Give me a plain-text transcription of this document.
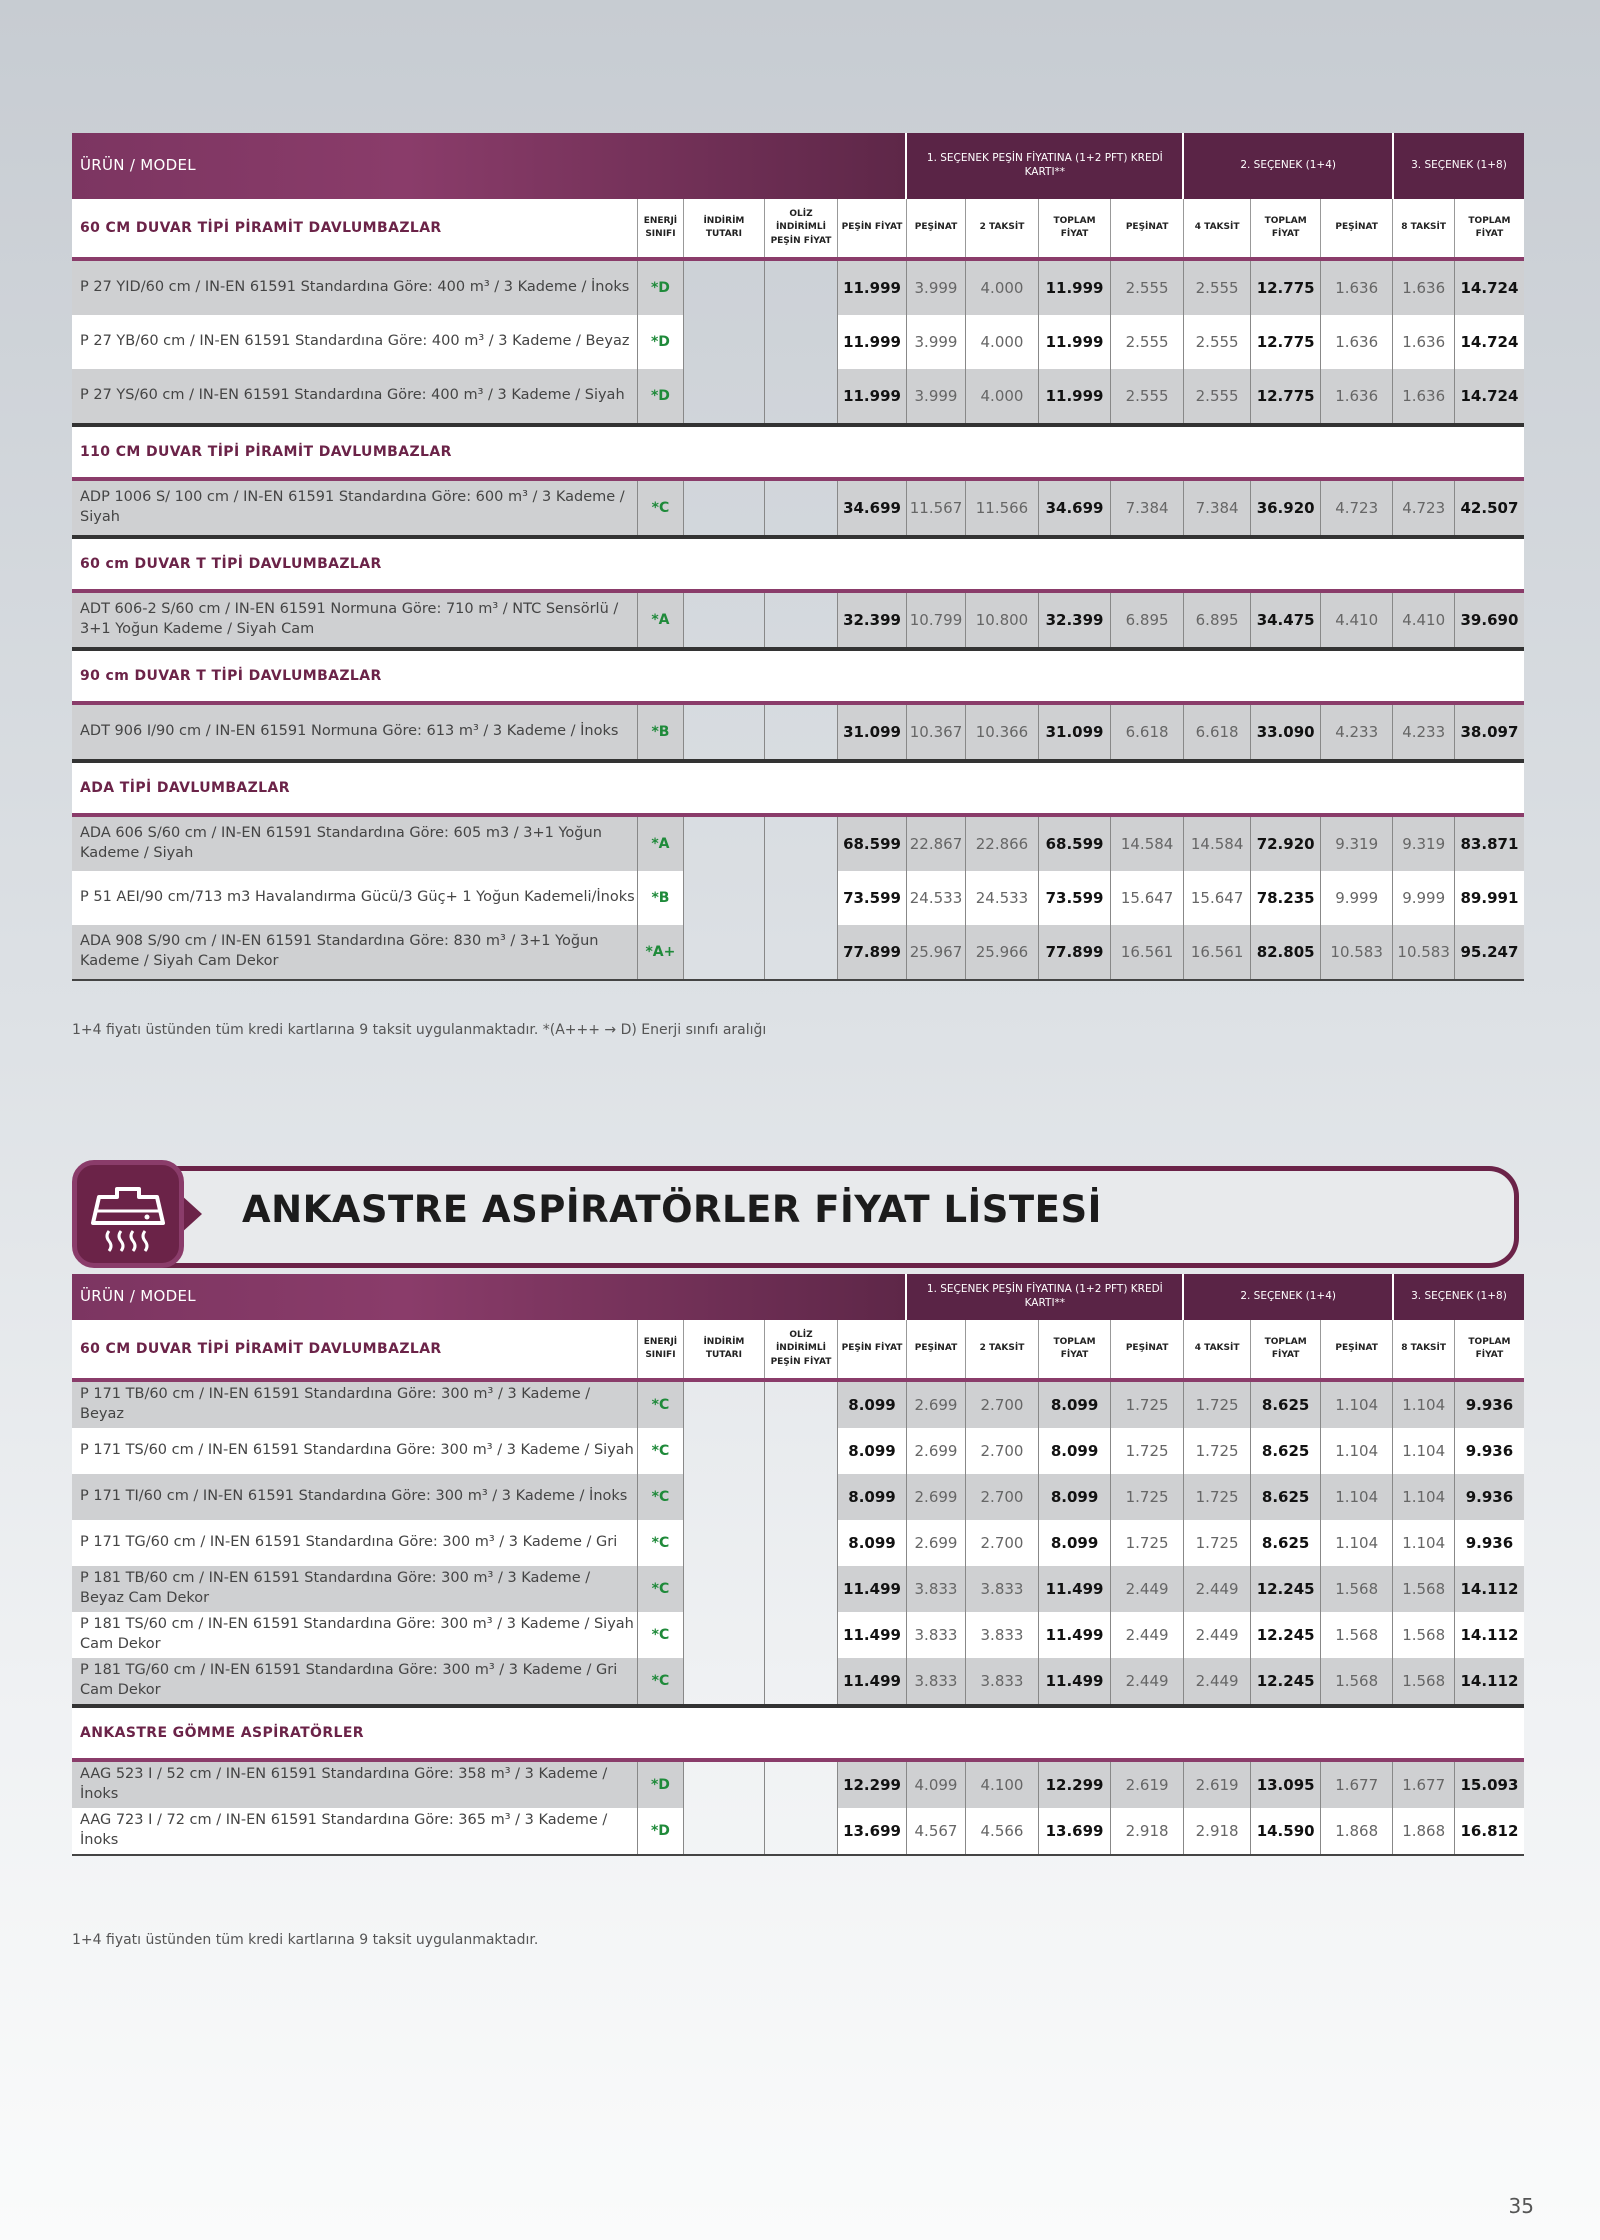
ÜRÜN / MODEL					1. SEÇENEK PEŞİN FİYATINA (1+2 PFT) KREDİ KARTI**				2. SEÇENEK (1+4)			3. SEÇENEK (1+8)	
60 CM DUVAR TİPİ PİRAMİT DAVLUMBAZLAR	ENERJİ SINIFI	İNDİRİM TUTARI	OLİZ İNDİRİMLİ PEŞİN FİYAT	PEŞİN FİYAT	PEŞİNAT	2 TAKSİT	TOPLAM FİYAT	PEŞİNAT	4 TAKSİT	TOPLAM FİYAT	PEŞİNAT	8 TAKSİT	TOPLAM FİYAT
P 27 YID/60 cm / IN-EN 61591 Standardına Göre: 400 m³ / 3 Kademe / İnoks	*D			11.999	3.999	4.000	11.999	2.555	2.555	12.775	1.636	1.636	14.724
P 27 YB/60 cm / IN-EN 61591 Standardına Göre: 400 m³ / 3 Kademe / Beyaz	*D			11.999	3.999	4.000	11.999	2.555	2.555	12.775	1.636	1.636	14.724
P 27 YS/60 cm / IN-EN 61591 Standardına Göre: 400 m³ / 3 Kademe / Siyah	*D			11.999	3.999	4.000	11.999	2.555	2.555	12.775	1.636	1.636	14.724
110 CM DUVAR TİPİ PİRAMİT DAVLUMBAZLAR													
ADP 1006 S/ 100 cm / IN-EN 61591 Standardına Göre: 600 m³ / 3 Kademe / Siyah	*C			34.699	11.567	11.566	34.699	7.384	7.384	36.920	4.723	4.723	42.507
60 cm DUVAR T TİPİ DAVLUMBAZLAR													
ADT 606-2 S/60 cm / IN-EN 61591 Normuna Göre: 710 m³ / NTC Sensörlü / 3+1 Yoğun Kademe / Siyah Cam	*A			32.399	10.799	10.800	32.399	6.895	6.895	34.475	4.410	4.410	39.690
90 cm DUVAR T TİPİ DAVLUMBAZLAR													
ADT 906 I/90 cm / IN-EN 61591 Normuna Göre: 613 m³ / 3 Kademe / İnoks	*B			31.099	10.367	10.366	31.099	6.618	6.618	33.090	4.233	4.233	38.097
ADA TİPİ DAVLUMBAZLAR													
ADA 606 S/60 cm / IN-EN 61591 Standardına Göre: 605 m3 / 3+1 Yoğun Kademe / Siyah	*A			68.599	22.867	22.866	68.599	14.584	14.584	72.920	9.319	9.319	83.871
P 51 AEI/90 cm/713 m3 Havalandırma Gücü/3 Güç+ 1 Yoğun Kademeli/İnoks	*B			73.599	24.533	24.533	73.599	15.647	15.647	78.235	9.999	9.999	89.991
ADA 908 S/90 cm / IN-EN 61591 Standardına Göre: 830 m³ / 3+1 Yoğun Kademe / Siyah Cam Dekor	*A+			77.899	25.967	25.966	77.899	16.561	16.561	82.805	10.583	10.583	95.247
1+4 fiyatı üstünden tüm kredi kartlarına 9 taksit uygulanmaktadır. *(A+++ → D) Enerji sınıfı aralığı
ANKASTRE ASPİRATÖRLER FİYAT LİSTESİ
ÜRÜN / MODEL					1. SEÇENEK PEŞİN FİYATINA (1+2 PFT) KREDİ KARTI**				2. SEÇENEK (1+4)			3. SEÇENEK (1+8)	
60 CM DUVAR TİPİ PİRAMİT DAVLUMBAZLAR	ENERJİ SINIFI	İNDİRİM TUTARI	OLİZ İNDİRİMLİ PEŞİN FİYAT	PEŞİN FİYAT	PEŞİNAT	2 TAKSİT	TOPLAM FİYAT	PEŞİNAT	4 TAKSİT	TOPLAM FİYAT	PEŞİNAT	8 TAKSİT	TOPLAM FİYAT
P 171 TB/60 cm / IN-EN 61591 Standardına Göre: 300 m³ / 3 Kademe / Beyaz	*C			8.099	2.699	2.700	8.099	1.725	1.725	8.625	1.104	1.104	9.936
P 171 TS/60 cm / IN-EN 61591 Standardına Göre: 300 m³ / 3 Kademe / Siyah	*C			8.099	2.699	2.700	8.099	1.725	1.725	8.625	1.104	1.104	9.936
P 171 TI/60 cm / IN-EN 61591 Standardına Göre: 300 m³ / 3 Kademe / İnoks	*C			8.099	2.699	2.700	8.099	1.725	1.725	8.625	1.104	1.104	9.936
P 171 TG/60 cm / IN-EN 61591 Standardına Göre: 300 m³ / 3 Kademe / Gri	*C			8.099	2.699	2.700	8.099	1.725	1.725	8.625	1.104	1.104	9.936
P 181 TB/60 cm / IN-EN 61591 Standardına Göre: 300 m³ / 3 Kademe / Beyaz Cam Dekor	*C			11.499	3.833	3.833	11.499	2.449	2.449	12.245	1.568	1.568	14.112
P 181 TS/60 cm / IN-EN 61591 Standardına Göre: 300 m³ / 3 Kademe / Siyah Cam Dekor	*C			11.499	3.833	3.833	11.499	2.449	2.449	12.245	1.568	1.568	14.112
P 181 TG/60 cm / IN-EN 61591 Standardına Göre: 300 m³ / 3 Kademe / Gri Cam Dekor	*C			11.499	3.833	3.833	11.499	2.449	2.449	12.245	1.568	1.568	14.112
ANKASTRE GÖMME ASPİRATÖRLER													
AAG 523 I / 52 cm / IN-EN 61591 Standardına Göre: 358 m³ / 3 Kademe / İnoks	*D			12.299	4.099	4.100	12.299	2.619	2.619	13.095	1.677	1.677	15.093
AAG 723 I / 72 cm / IN-EN 61591 Standardına Göre: 365 m³ / 3 Kademe / İnoks	*D			13.699	4.567	4.566	13.699	2.918	2.918	14.590	1.868	1.868	16.812
1+4 fiyatı üstünden tüm kredi kartlarına 9 taksit uygulanmaktadır.
35
